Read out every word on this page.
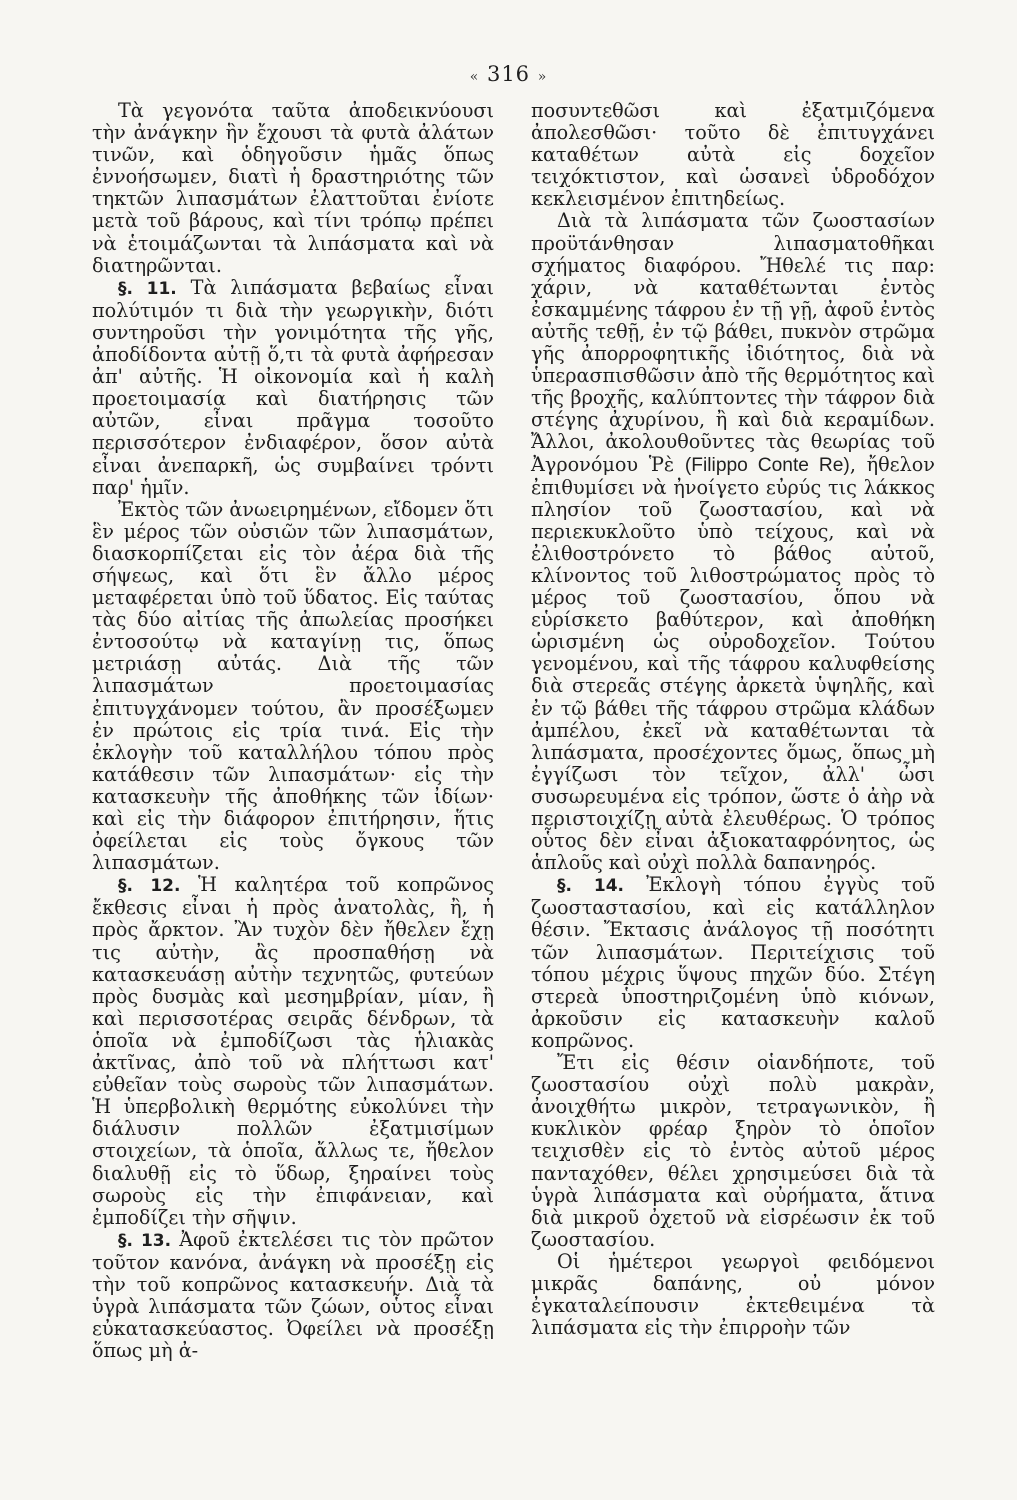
« 316 »

Τὰ γεγονότα ταῦτα ἀποδεικνύουσι τὴν ἀνάγκην ἣν ἔχουσι τὰ φυτὰ ἀλάτων τινῶν, καὶ ὁδηγοῦσιν ἡμᾶς ὅπως ἐννοήσωμεν, διατὶ ἡ δραστηριότης τῶν τηκτῶν λιπασμάτων ἐλαττοῦται ἐνίοτε μετὰ τοῦ βάρους, καὶ τίνι τρόπῳ πρέπει νὰ ἑτοιμάζωνται τὰ λιπάσματα καὶ νὰ διατηρῶνται.

§. 11. Τὰ λιπάσματα βεβαίως εἶναι πολύτιμόν τι διὰ τὴν γεωργικὴν, διότι συντηροῦσι τὴν γονιμότητα τῆς γῆς, ἀποδίδοντα αὐτῇ ὅ,τι τὰ φυτὰ ἀφήρεσαν ἀπ' αὐτῆς. Ἡ οἰκονομία καὶ ἡ καλὴ προετοιμασία καὶ διατήρησις τῶν αὐτῶν, εἶναι πρᾶγμα τοσοῦτο περισσότερον ἐνδιαφέρον, ὅσον αὐτὰ εἶναι ἀνεπαρκῆ, ὡς συμβαίνει τρόντι παρ' ἡμῖν.

Ἐκτὸς τῶν ἀνωειρημένων, εἴδομεν ὅτι ἓν μέρος τῶν οὐσιῶν τῶν λιπασμάτων, διασκορπίζεται εἰς τὸν ἀέρα διὰ τῆς σήψεως, καὶ ὅτι ἓν ἄλλο μέρος μεταφέρεται ὑπὸ τοῦ ὕδατος. Εἰς ταύτας τὰς δύο αἰτίας τῆς ἀπωλείας προσήκει ἐντοσούτῳ νὰ καταγίνῃ τις, ὅπως μετριάσῃ αὐτάς. Διὰ τῆς τῶν λιπασμάτων προετοιμασίας ἐπιτυγχάνομεν τούτου, ἂν προσέξωμεν ἐν πρώτοις εἰς τρία τινά. Εἰς τὴν ἐκλογὴν τοῦ καταλλήλου τόπου πρὸς κατάθεσιν τῶν λιπασμάτων· εἰς τὴν κατασκευὴν τῆς ἀποθήκης τῶν ἰδίων· καὶ εἰς τὴν διάφορον ἐπιτήρησιν, ἥτις ὀφείλεται εἰς τοὺς ὄγκους τῶν λιπασμάτων.

§. 12. Ἡ καλητέρα τοῦ κοπρῶνος ἔκθεσις εἶναι ἡ πρὸς ἀνατολὰς, ἢ, ἡ πρὸς ἄρκτον. Ἂν τυχὸν δὲν ἤθελεν ἔχῃ τις αὐτὴν, ἂς προσπαθήσῃ νὰ κατασκευάσῃ αὐτὴν τεχνητῶς, φυτεύων πρὸς δυσμὰς καὶ μεσημβρίαν, μίαν, ἢ καὶ περισσοτέρας σειρᾶς δένδρων, τὰ ὁποῖα νὰ ἐμποδίζωσι τὰς ἡλιακὰς ἀκτῖνας, ἀπὸ τοῦ νὰ πλήττωσι κατ' εὐθεῖαν τοὺς σωροὺς τῶν λιπασμάτων. Ἡ ὑπερβολικὴ θερμότης εὐκολύνει τὴν διάλυσιν πολλῶν ἐξατμισίμων στοιχείων, τὰ ὁποῖα, ἄλλως τε, ἤθελον διαλυθῇ εἰς τὸ ὕδωρ, ξηραίνει τοὺς σωροὺς εἰς τὴν ἐπιφάνειαν, καὶ ἐμποδίζει τὴν σῆψιν.

§. 13. Ἀφοῦ ἐκτελέσει τις τὸν πρῶτον τοῦτον κανόνα, ἀνάγκη νὰ προσέξῃ εἰς τὴν τοῦ κοπρῶνος κατασκευήν. Διὰ τὰ ὑγρὰ λιπάσματα τῶν ζώων, οὗτος εἶναι εὐκατασκεύαστος. Ὀφείλει νὰ προσέξῃ ὅπως μὴ ἀ-

ποσυντεθῶσι καὶ ἐξατμιζόμενα ἀπολεσθῶσι· τοῦτο δὲ ἐπιτυγχάνει καταθέτων αὐτὰ εἰς δοχεῖον τειχόκτιστον, καὶ ὡσανεὶ ὑδροδόχον κεκλεισμένον ἐπιτηδείως.

Διὰ τὰ λιπάσματα τῶν ζωοστασίων προϋτάνθησαν λιπασματοθῆκαι σχήματος διαφόρου. Ἤθελέ τις παρ: χάριν, νὰ καταθέτωνται ἐντὸς ἐσκαμμένης τάφρου ἐν τῇ γῇ, ἀφοῦ ἐντὸς αὐτῆς τεθῇ, ἐν τῷ βάθει, πυκνὸν στρῶμα γῆς ἀπορροφητικῆς ἰδιότητος, διὰ νὰ ὑπερασπισθῶσιν ἀπὸ τῆς θερμότητος καὶ τῆς βροχῆς, καλύπτοντες τὴν τάφρον διὰ στέγης ἀχυρίνου, ἢ καὶ διὰ κεραμίδων. Ἄλλοι, ἀκολουθοῦντες τὰς θεωρίας τοῦ Ἀγρονόμου Ῥὲ (Filippo Conte Re), ἤθελον ἐπιθυμίσει νὰ ἠνοίγετο εὐρύς τις λάκκος πλησίον τοῦ ζωοστασίου, καὶ νὰ περιεκυκλοῦτο ὑπὸ τείχους, καὶ νὰ ἐλιθοστρόνετο τὸ βάθος αὐτοῦ, κλίνοντος τοῦ λιθοστρώματος πρὸς τὸ μέρος τοῦ ζωοστασίου, ὅπου νὰ εὑρίσκετο βαθύτερον, καὶ ἀποθήκη ὡρισμένη ὡς οὐροδοχεῖον. Τούτου γενομένου, καὶ τῆς τάφρου καλυφθείσης διὰ στερεᾶς στέγης ἀρκετὰ ὑψηλῆς, καὶ ἐν τῷ βάθει τῆς τάφρου στρῶμα κλάδων ἀμπέλου, ἐκεῖ νὰ καταθέτωνται τὰ λιπάσματα, προσέχοντες ὅμως, ὅπως μὴ ἐγγίζωσι τὸν τεῖχον, ἀλλ' ὦσι συσωρευμένα εἰς τρόπον, ὥστε ὁ ἀὴρ νὰ περιστοιχίζῃ αὐτὰ ἐλευθέρως. Ὁ τρόπος οὗτος δὲν εἶναι ἀξιοκαταφρόνητος, ὡς ἁπλοῦς καὶ οὐχὶ πολλὰ δαπανηρός.

§. 14. Ἐκλογὴ τόπου ἐγγὺς τοῦ ζωοσταστασίου, καὶ εἰς κατάλληλον θέσιν. Ἔκτασις ἀνάλογος τῇ ποσότητι τῶν λιπασμάτων. Περιτείχισις τοῦ τόπου μέχρις ὕψους πηχῶν δύο. Στέγη στερεὰ ὑποστηριζομένη ὑπὸ κιόνων, ἀρκοῦσιν εἰς κατασκευὴν καλοῦ κοπρῶνος.

Ἔτι εἰς θέσιν οἱανδήποτε, τοῦ ζωοστασίου οὐχὶ πολὺ μακρὰν, ἀνοιχθήτω μικρὸν, τετραγωνικὸν, ἢ κυκλικὸν φρέαρ ξηρὸν τὸ ὁποῖον τειχισθὲν εἰς τὸ ἐντὸς αὐτοῦ μέρος πανταχόθεν, θέλει χρησιμεύσει διὰ τὰ ὑγρὰ λιπάσματα καὶ οὐρήματα, ἅτινα διὰ μικροῦ ὀχετοῦ νὰ εἰσρέωσιν ἐκ τοῦ ζωοστασίου.

Οἱ ἡμέτεροι γεωργοὶ φειδόμενοι μικρᾶς δαπάνης, οὐ μόνον ἐγκαταλείπουσιν ἐκτεθειμένα τὰ λιπάσματα εἰς τὴν ἐπιρροὴν τῶν
